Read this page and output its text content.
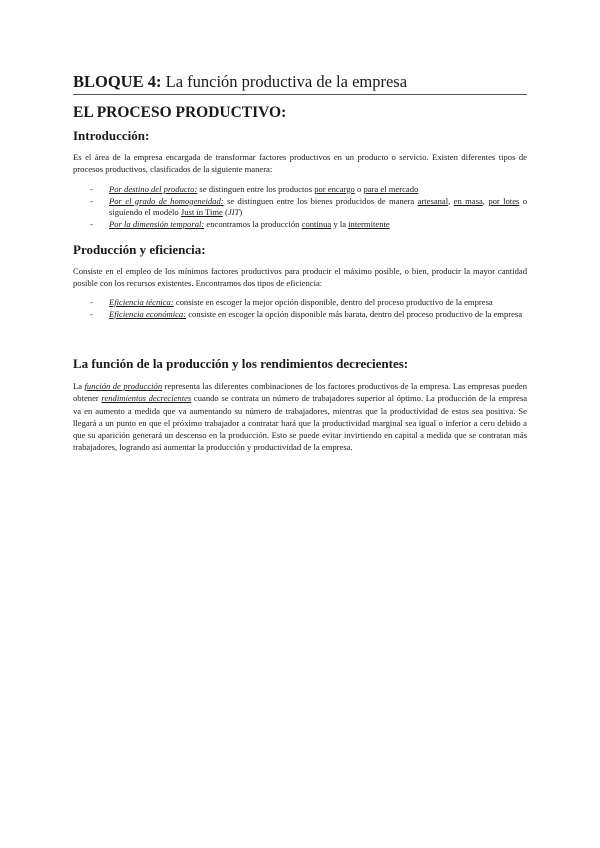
BLOQUE 4: La función productiva de la empresa
EL PROCESO PRODUCTIVO:
Introducción:
Es el área de la empresa encargada de transformar factores productivos en un producto o servicio. Existen diferentes tipos de procesos productivos, clasificados de la siguiente manera:
- Por destino del producto: se distinguen entre los productos por encargo o para el mercado
- Por el grado de homogeneidad: se distinguen entre los bienes producidos de manera artesanal, en masa, por lotes o siguiendo el modelo Just in Time (JIT)
- Por la dimensión temporal: encontramos la producción continua y la intermitente
Producción y eficiencia:
Consiste en el empleo de los mínimos factores productivos para producir el máximo posible, o bien, producir la mayor cantidad posible con los recursos existentes. Encontramos dos tipos de eficiencia:
- Eficiencia técnica: consiste en escoger la mejor opción disponible, dentro del proceso productivo de la empresa
- Eficiencia económica: consiste en escoger la opción disponible más barata, dentro del proceso productivo de la empresa
La función de la producción y los rendimientos decrecientes:
La función de producción representa las diferentes combinaciones de los factores productivos de la empresa. Las empresas pueden obtener rendimientos decrecientes cuando se contrata un número de trabajadores superior al óptimo. La producción de la empresa va en aumento a medida que va aumentando su número de trabajadores, mientras que la productividad de estos sea positiva. Se llegará a un punto en que el próximo trabajador a contratar hará que la productividad marginal sea igual o inferior a cero debido a que su aparición generará un descenso en la producción. Esto se puede evitar invirtiendo en capital a medida que se contratan más trabajadores, logrando así aumentar la producción y productividad de la empresa.
